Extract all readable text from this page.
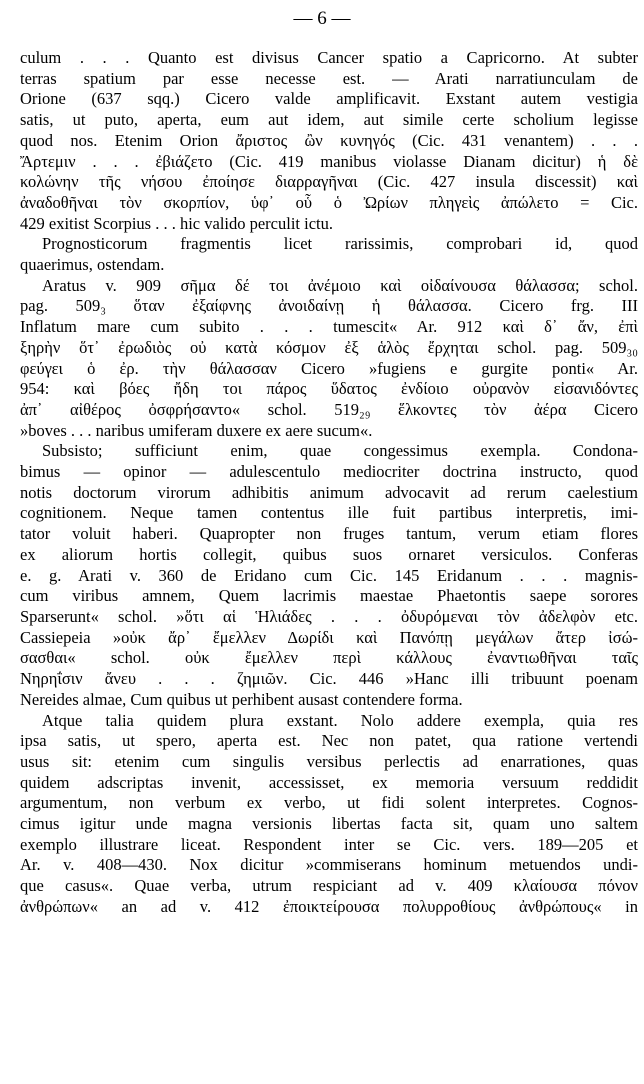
— 6 —
culum . . . Quanto est divisus Cancer spatio a Capricorno. At subter
terras spatium par esse necesse est. — Arati narratiunculam de
Orione (637 sqq.) Cicero valde amplificavit. Exstant autem vestigia
satis, ut puto, aperta, eum aut idem, aut simile certe scholium legisse
quod nos. Etenim Orion ἄριστος ὢν κυνηγός (Cic. 431 venantem) . . .
Ἄρτεμιν . . . ἐβιάζετο (Cic. 419 manibus violasse Dianam dicitur) ἡ δὲ
κολώνην τῆς νήσου ἐποίησε διαρραγῆναι (Cic. 427 insula discessit) καὶ
ἀναδοθῆναι τὸν σκορπίον, ὑφ᾽ οὗ ὁ Ὠρίων πληγεὶς ἀπώλετο = Cic.
429 exitist Scorpius . . . hic valido perculit ictu.
Prognosticorum fragmentis licet rarissimis, comprobari id, quod
quaerimus, ostendam.
Aratus v. 909 σῆμα δέ τοι ἀνέμοιο καὶ οἰδαίνουσα θάλασσα; schol.
pag. 509₃ ὅταν ἐξαίφνης ἀνοιδαίνῃ ἡ θάλασσα. Cicero frg. III
Inflatum mare cum subito . . . tumescit« Ar. 912 καὶ δ᾽ ἄν, ἐπὶ
ξηρὴν ὅτ᾽ ἐρωδιὸς οὐ κατὰ κόσμον ἐξ ἁλὸς ἔρχηται schol. pag. 509₃₀
φεύγει ὁ ἐρ. τὴν θάλασσαν Cicero »fugiens e gurgite ponti« Ar.
954: καὶ βόες ἤδη τοι πάρος ὕδατος ἐνδίοιο οὐρανὸν εἰσανιδόντες
ἀπ᾽ αἰθέρος ὀσφρήσαντο« schol. 519₂₉ ἕλκοντες τὸν ἀέρα Cicero
»boves . . . naribus umiferam duxere ex aere sucum«.
Subsisto; sufficiunt enim, quae congessimus exempla. Condona-
bimus — opinor — adulescentulo mediocriter doctrina instructo, quod
notis doctorum virorum adhibitis animum advocavit ad rerum caelestium
cognitionem. Neque tamen contentus ille fuit partibus interpretis, imi-
tator voluit haberi. Quapropter non fruges tantum, verum etiam flores
ex aliorum hortis collegit, quibus suos ornaret versiculos. Conferas
e. g. Arati v. 360 de Eridano cum Cic. 145 Eridanum . . . magnis-
cum viribus amnem, Quem lacrimis maestae Phaetontis saepe sorores
Sparserunt« schol. »ὅτι αἱ Ἡλιάδες . . . ὀδυρόμεναι τὸν ἀδελφὸν etc.
Cassiepeia »οὐκ ἄρ᾽ ἔμελλεν Δωρίδι καὶ Πανόπῃ μεγάλων ἄτερ ἰσώ-
σασθαι« schol. οὐκ ἔμελλεν περὶ κάλλους ἐναντιωθῆναι ταῖς
Νηρηΐσιν ἄνευ . . . ζημιῶν. Cic. 446 »Hanc illi tribuunt poenam
Nereides almae, Cum quibus ut perhibent ausast contendere forma.
Atque talia quidem plura exstant. Nolo addere exempla, quia res
ipsa satis, ut spero, aperta est. Nec non patet, qua ratione vertendi
usus sit: etenim cum singulis versibus perlectis ad enarrationes, quas
quidem adscriptas invenit, accessisset, ex memoria versuum reddidit
argumentum, non verbum ex verbo, ut fidi solent interpretes. Cognos-
cimus igitur unde magna versionis libertas facta sit, quam uno saltem
exemplo illustrare liceat. Respondent inter se Cic. vers. 189—205 et
Ar. v. 408—430. Nox dicitur »commiserans hominum metuendos undi-
que casus«. Quae verba, utrum respiciant ad v. 409 κλαίουσα πόνον
ἀνθρώπων« an ad v. 412 ἐποικτείρουσα πολυρροθίους ἀνθρώπους« in
